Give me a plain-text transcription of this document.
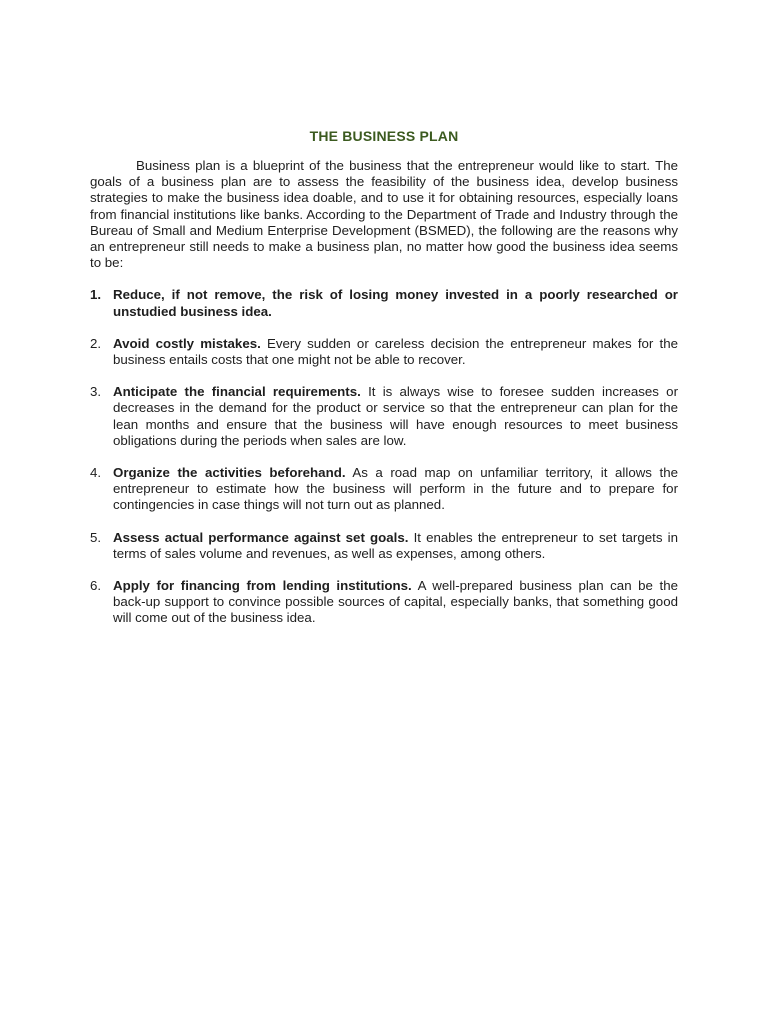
THE BUSINESS PLAN

Business plan is a blueprint of the business that the entrepreneur would like to start. The goals of a business plan are to assess the feasibility of the business idea, develop business strategies to make the business idea doable, and to use it for obtaining resources, especially loans from financial institutions like banks. According to the Department of Trade and Industry through the Bureau of Small and Medium Enterprise Development (BSMED), the following are the reasons why an entrepreneur still needs to make a business plan, no matter how good the business idea seems to be:

1. Reduce, if not remove, the risk of losing money invested in a poorly researched or unstudied business idea.
2. Avoid costly mistakes. Every sudden or careless decision the entrepreneur makes for the business entails costs that one might not be able to recover.
3. Anticipate the financial requirements. It is always wise to foresee sudden increases or decreases in the demand for the product or service so that the entrepreneur can plan for the lean months and ensure that the business will have enough resources to meet business obligations during the periods when sales are low.
4. Organize the activities beforehand. As a road map on unfamiliar territory, it allows the entrepreneur to estimate how the business will perform in the future and to prepare for contingencies in case things will not turn out as planned.
5. Assess actual performance against set goals. It enables the entrepreneur to set targets in terms of sales volume and revenues, as well as expenses, among others.
6. Apply for financing from lending institutions. A well-prepared business plan can be the back-up support to convince possible sources of capital, especially banks, that something good will come out of the business idea.
